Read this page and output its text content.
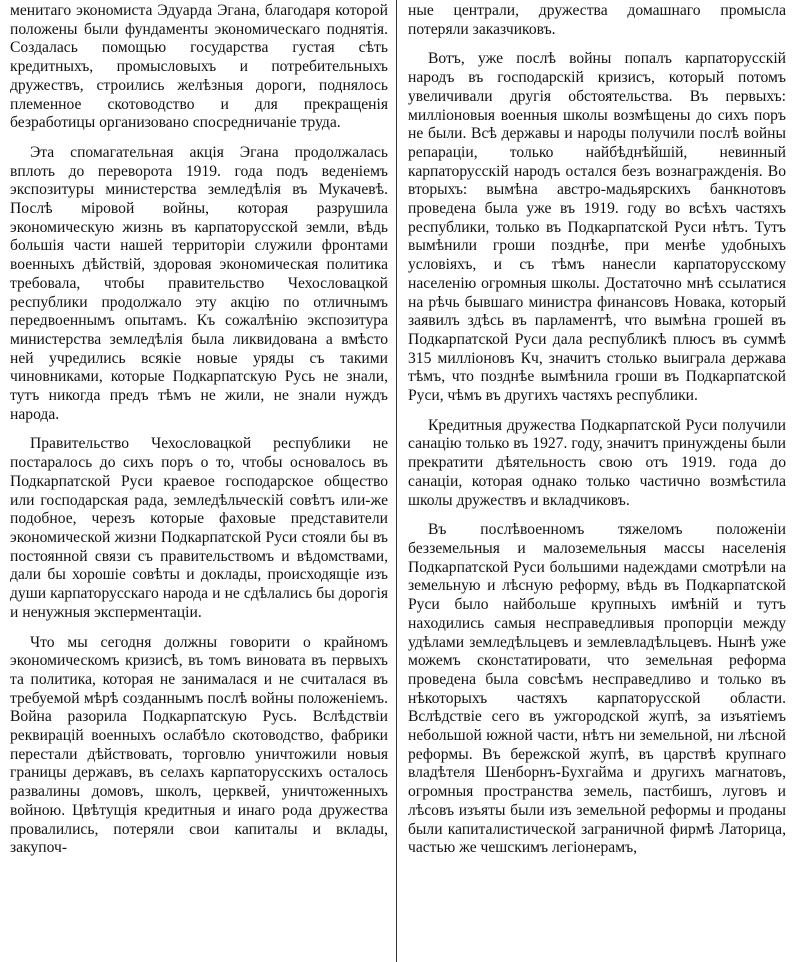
менитаго экономиста Эдуарда Эгана, благодаря которой положены были фундаменты экономическаго поднятія. Создалась помощью государства густая сѣть кредитныхъ, промысловыхъ и потребительныхъ дружествъ, строились желѣзныя дороги, поднялось племенное скотоводство и для прекращенія безработицы организовано спосредничаніе труда.

Эта спомагательная акція Эгана продолжалась вплоть до переворота 1919. года подъ веденіемъ экспозитуры министерства земледѣлія въ Мукачевѣ. Послѣ міровой войны, которая разрушила экономическую жизнь въ карпаторусской земли, вѣдь большія части нашей территоріи служили фронтами военныхъ дѣйствій, здоровая экономическая политика требовала, чтобы правительство Чехословацкой республики продолжало эту акцію по отличнымъ передвоеннымъ опытамъ. Къ сожалѣнію экспозитура министерства земледѣлія была ликвидована а вмѣсто ней учредились всякіе новые уряды съ такими чиновниками, которые Подкарпатскую Русь не знали, тутъ никогда предъ тѣмъ не жили, не знали нуждъ народа.

Правительство Чехословацкой республики не постаралось до сихъ поръ о то, чтобы основалось въ Подкарпатской Руси краевое господарское общество или господарская рада, земледѣльческій совѣтъ или-же подобное, черезъ которые фаховые представители экономической жизни Подкарпатской Руси стояли бы въ постоянной связи съ правительствомъ и вѣдомствами, дали бы хорошіе совѣты и доклады, происходящіе изъ души карпаторусскаго народа и не сдѣлались бы дорогія и ненужныя эксперментаціи.

Что мы сегодня должны говорити о крайномъ экономическомъ кризисѣ, въ томъ виновата въ первыхъ та политика, которая не занималася и не считалася въ требуемой мѣрѣ созданнымъ послѣ войны положеніемъ. Война разорила Подкарпатскую Русь. Вслѣдствіи реквирацій военныхъ ослабѣло скотоводство, фабрики перестали дѣйствовать, торговлю уничтожили новыя границы державъ, въ селахъ карпаторусскихъ осталось развалины домовъ, школъ, церквей, уничтоженныхъ войною. Цвѣтущія кредитныя и инаго рода дружества провалились, потеряли свои капиталы и вклады, закупоч-

ные централи, дружества домашнаго промысла потеряли заказчиковъ.

Вотъ, уже послѣ войны попалъ карпаторусскій народъ въ господарскій кризисъ, который потомъ увеличивали другія обстоятельства. Въ первыхъ: милліоновыя военныя школы возмѣщены до сихъ поръ не были. Всѣ державы и народы получили послѣ войны репараціи, только найбѣднѣйшій, невинный карпаторусскій народъ остался безъ вознагражденія. Во вторыхъ: вымѣна австро-мадьярскихъ банкнотовъ проведена была уже въ 1919. году во всѣхъ частяхъ республики, только въ Подкарпатской Руси нѣтъ. Тутъ вымѣнили гроши позднѣе, при менѣе удобныхъ условіяхъ, и съ тѣмъ нанесли карпаторусскому населенію огромныя школы. Достаточно мнѣ ссылатися на рѣчь бывшаго министра финансовъ Новака, который заявилъ здѣсь въ парламентѣ, что вымѣна грошей въ Подкарпатской Руси дала республикѣ плюсъ въ суммѣ 315 милліоновъ Кч, значитъ столько выиграла держава тѣмъ, что позднѣе вымѣнила гроши въ Подкарпатской Руси, чѣмъ въ другихъ частяхъ республики.

Кредитныя дружества Подкарпатской Руси получили санацію только въ 1927. году, значитъ принуждены были прекратити дѣятельность свою отъ 1919. года до санаціи, которая однако только частично возмѣстила школы дружествъ и вкладчиковъ.

Въ послѣвоенномъ тяжеломъ положеніи безземельныя и малоземельныя массы населенія Подкарпатской Руси большими надеждами смотрѣли на земельную и лѣсную реформу, вѣдь въ Подкарпатской Руси было найбольше крупныхъ имѣній и тутъ находились самыя несправедливыя пропорціи между удѣлами земледѣльцевъ и землевладѣльцевъ. Нынѣ уже можемъ сконстатировати, что земельная реформа проведена была совсѣмъ несправедливо и только въ нѣкоторыхъ частяхъ карпаторусской области. Вслѣдствіе сего въ ужгородской жупѣ, за изъятіемъ небольшой южной части, нѣтъ ни земельной, ни лѣсной реформы. Въ бережской жупѣ, въ царствѣ крупнаго владѣтеля Шенборнъ-Бухгайма и другихъ магнатовъ, огромныя пространства земель, пастбишъ, луговъ и лѣсовъ изъяты были изъ земельной реформы и проданы были капиталистической заграничной фирмѣ Латорица, частью же чешскимъ легіонерамъ,
